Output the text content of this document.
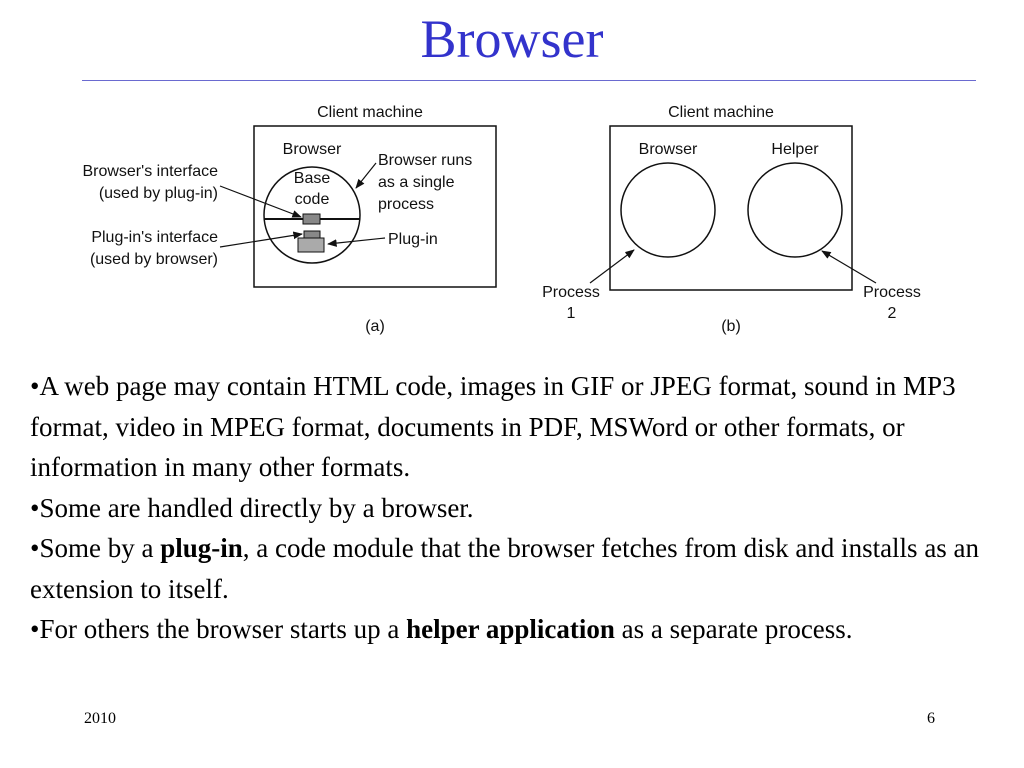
Browser
Client machine
Browser
Base
code
Browser runs
as a single
process
Plug-in
Browser's interface
(used by plug-in)
Plug-in's interface
(used by browser)
(a)
Client machine
Browser	Helper
Process
1
Process
2
(b)

•A web page may contain HTML code, images in GIF or JPEG format, sound in MP3 format, video in MPEG format, documents in PDF, MSWord or other formats, or information in many other formats.

•Some are handled directly by a browser.

•Some by a plug-in, a code module that the browser fetches from disk and installs as an extension to itself.

•For others the browser starts up a helper application as a separate process.

2010	6
